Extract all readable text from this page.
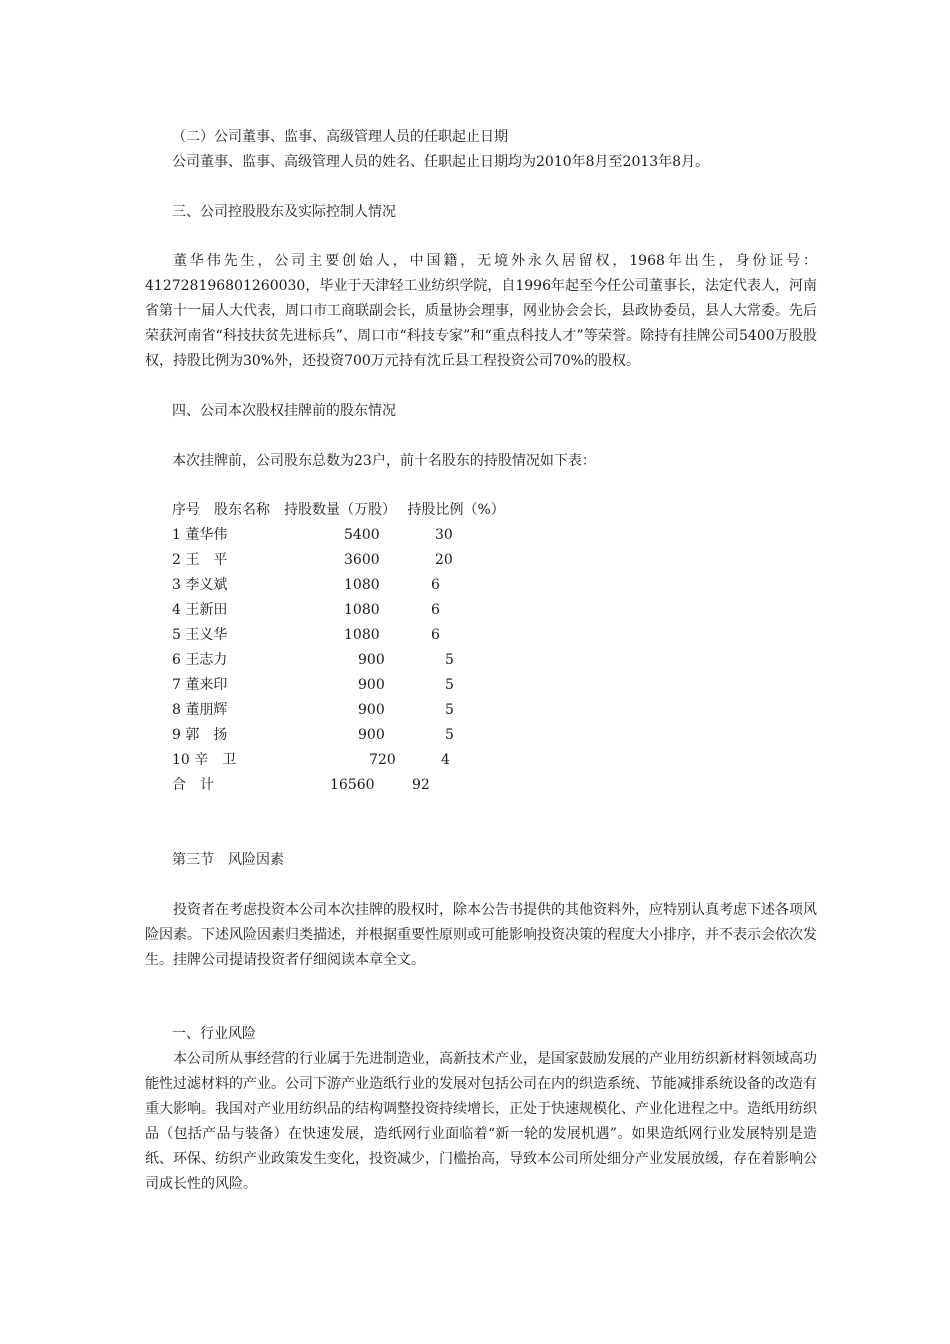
（二）公司董事、监事、高级管理人员的任职起止日期
公司董事、监事、高级管理人员的姓名、任职起止日期均为2010年8月至2013年8月。
三、公司控股股东及实际控制人情况
董华伟先生，公司主要创始人，中国籍，无境外永久居留权，1968年出生，身份证号：412728196801260030，毕业于天津轻工业纺织学院，自1996年起至今任公司董事长，法定代表人，河南省第十一届人大代表，周口市工商联副会长，质量协会理事，网业协会会长，县政协委员，县人大常委。先后荣获河南省“科技扶贫先进标兵”、周口市“科技专家”和“重点科技人才”等荣誉。除持有挂牌公司5400万股股权，持股比例为30%外，还投资700万元持有沈丘县工程投资公司70%的股权。
四、公司本次股权挂牌前的股东情况
本次挂牌前，公司股东总数为23户，前十名股东的持股情况如下表：
序号　股东名称　持股数量（万股）　 持股比例（%）
1 董华伟	5400	30
2 王　平	3600	20
3 李义斌	1080	6
4 王新田	1080	6
5 王义华	1080	6
6 王志力	900	5
7 董来印	900	5
8 董朋辉	900	5
9 郭　扬	900	5
10 辛　卫	720	4
合　计	16560	92
第三节　风险因素
投资者在考虑投资本公司本次挂牌的股权时，除本公告书提供的其他资料外，应特别认真考虑下述各项风险因素。下述风险因素归类描述，并根据重要性原则或可能影响投资决策的程度大小排序，并不表示会依次发生。挂牌公司提请投资者仔细阅读本章全文。
一、行业风险
本公司所从事经营的行业属于先进制造业，高新技术产业，是国家鼓励发展的产业用纺织新材料领域高功能性过滤材料的产业。公司下游产业造纸行业的发展对包括公司在内的织造系统、节能减排系统设备的改造有重大影响。我国对产业用纺织品的结构调整投资持续增长，正处于快速规模化、产业化进程之中。造纸用纺织品（包括产品与装备）在快速发展，造纸网行业面临着“新一轮的发展机遇”。如果造纸网行业发展特别是造纸、环保、纺织产业政策发生变化，投资减少，门槛抬高，导致本公司所处细分产业发展放缓，存在着影响公司成长性的风险。
